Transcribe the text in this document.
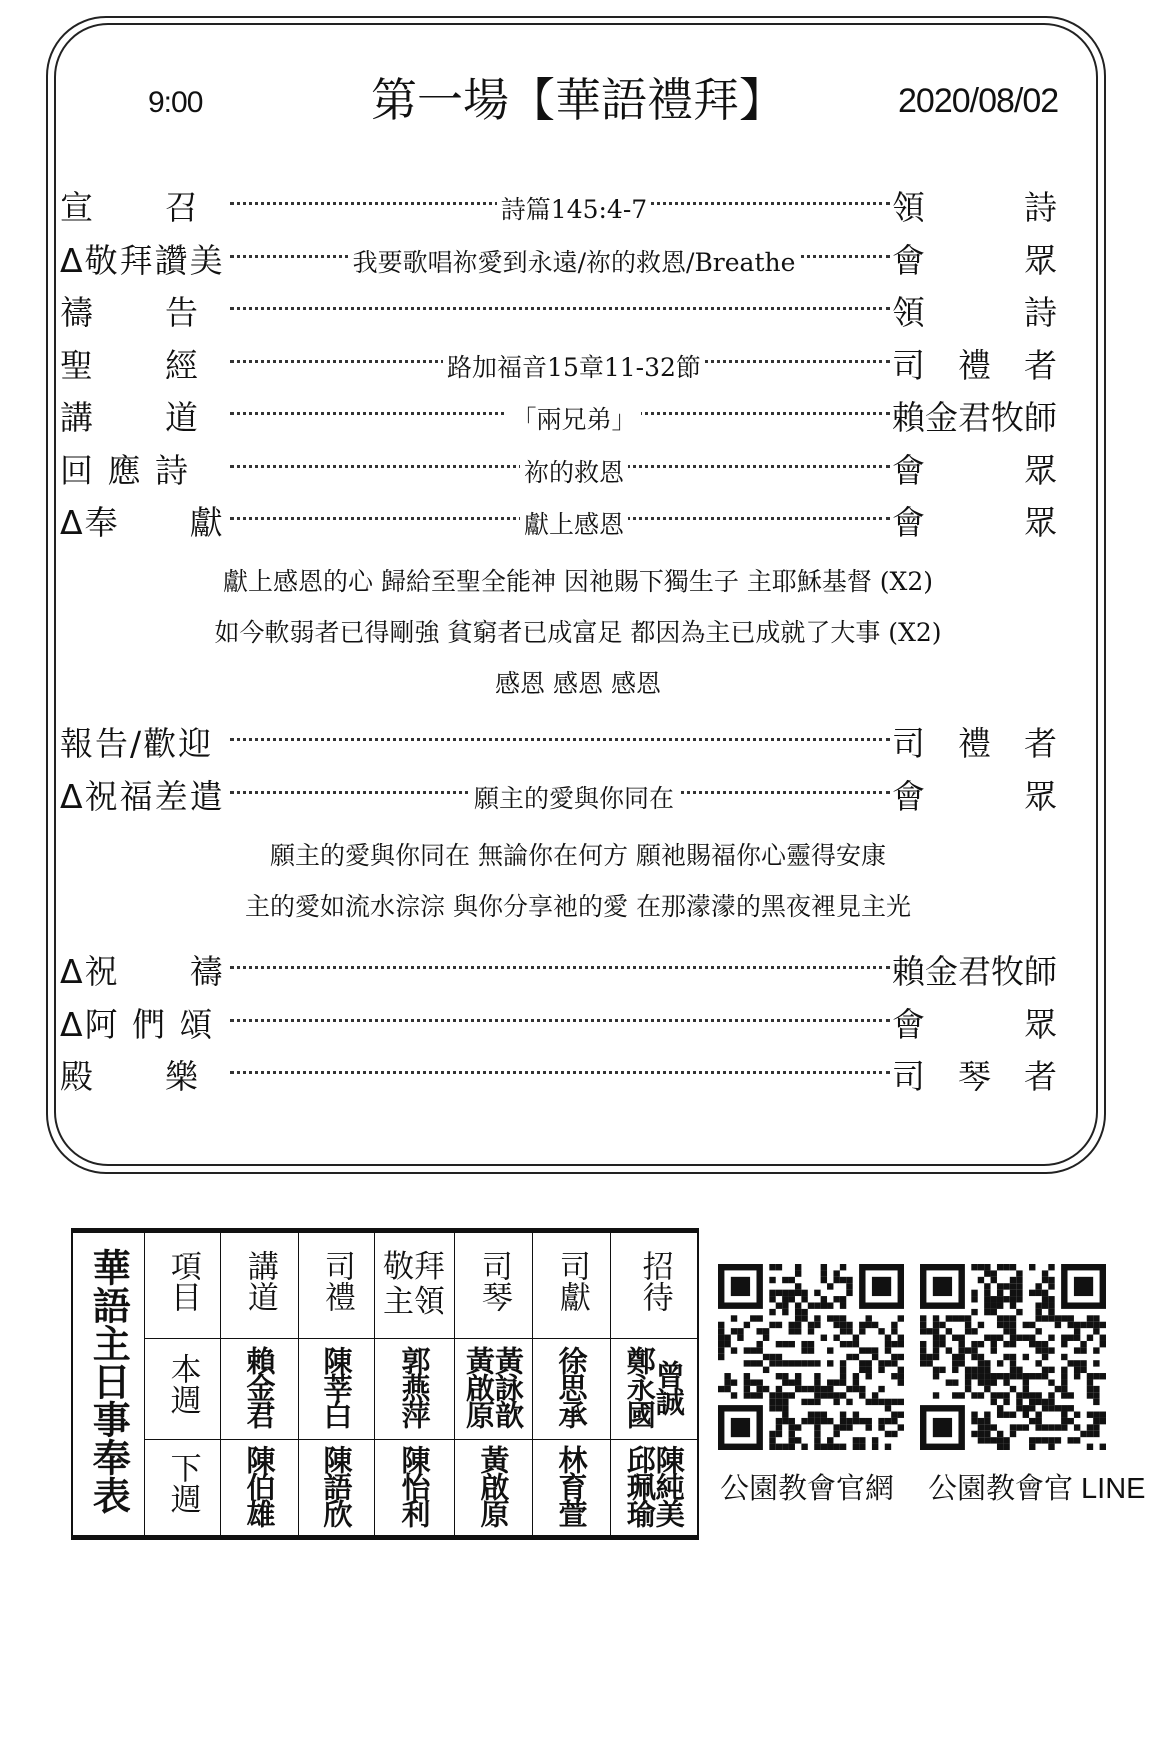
9:00	第一場【華語禮拜】	2020/08/02
宣　　召	詩篇145:4-7	領　　　詩
Δ敬拜讚美	我要歌唱祢愛到永遠/祢的救恩/Breathe	會　　　眾
禱　　告	領　　　詩
聖　　經	路加福音15章11-32節	司　禮　者
講　　道	「兩兄弟」	賴金君牧師
回 應 詩	祢的救恩	會　　　眾
Δ奉　　獻	獻上感恩	會　　　眾
報告/歡迎	司　禮　者
Δ祝福差遣	願主的愛與你同在	會　　　眾
Δ祝　　禱	賴金君牧師
Δ阿 們 頌	會　　　眾
殿　　樂	司　琴　者
獻上感恩的心 歸給至聖全能神 因祂賜下獨生子 主耶穌基督 (X2)
如今軟弱者已得剛強 貧窮者已成富足 都因為主已成就了大事 (X2)
感恩 感恩 感恩
願主的愛與你同在 無論你在何方 願祂賜福你心靈得安康
主的愛如流水淙淙 與你分享祂的愛 在那濛濛的黑夜裡見主光
華語主日事奉表	項目	講道	司禮	敬拜主領	司琴	司獻	招待
	本週	賴金君	陳莘白	郭燕萍	黃詠歆 黃啟原	徐思承	曾誠 鄭永國
	下週	陳伯雄	陳語欣	陳怡利	黃啟原	林育萱	陳純美 邱珮瑜 公園教會官網 公園教會官 LINE
